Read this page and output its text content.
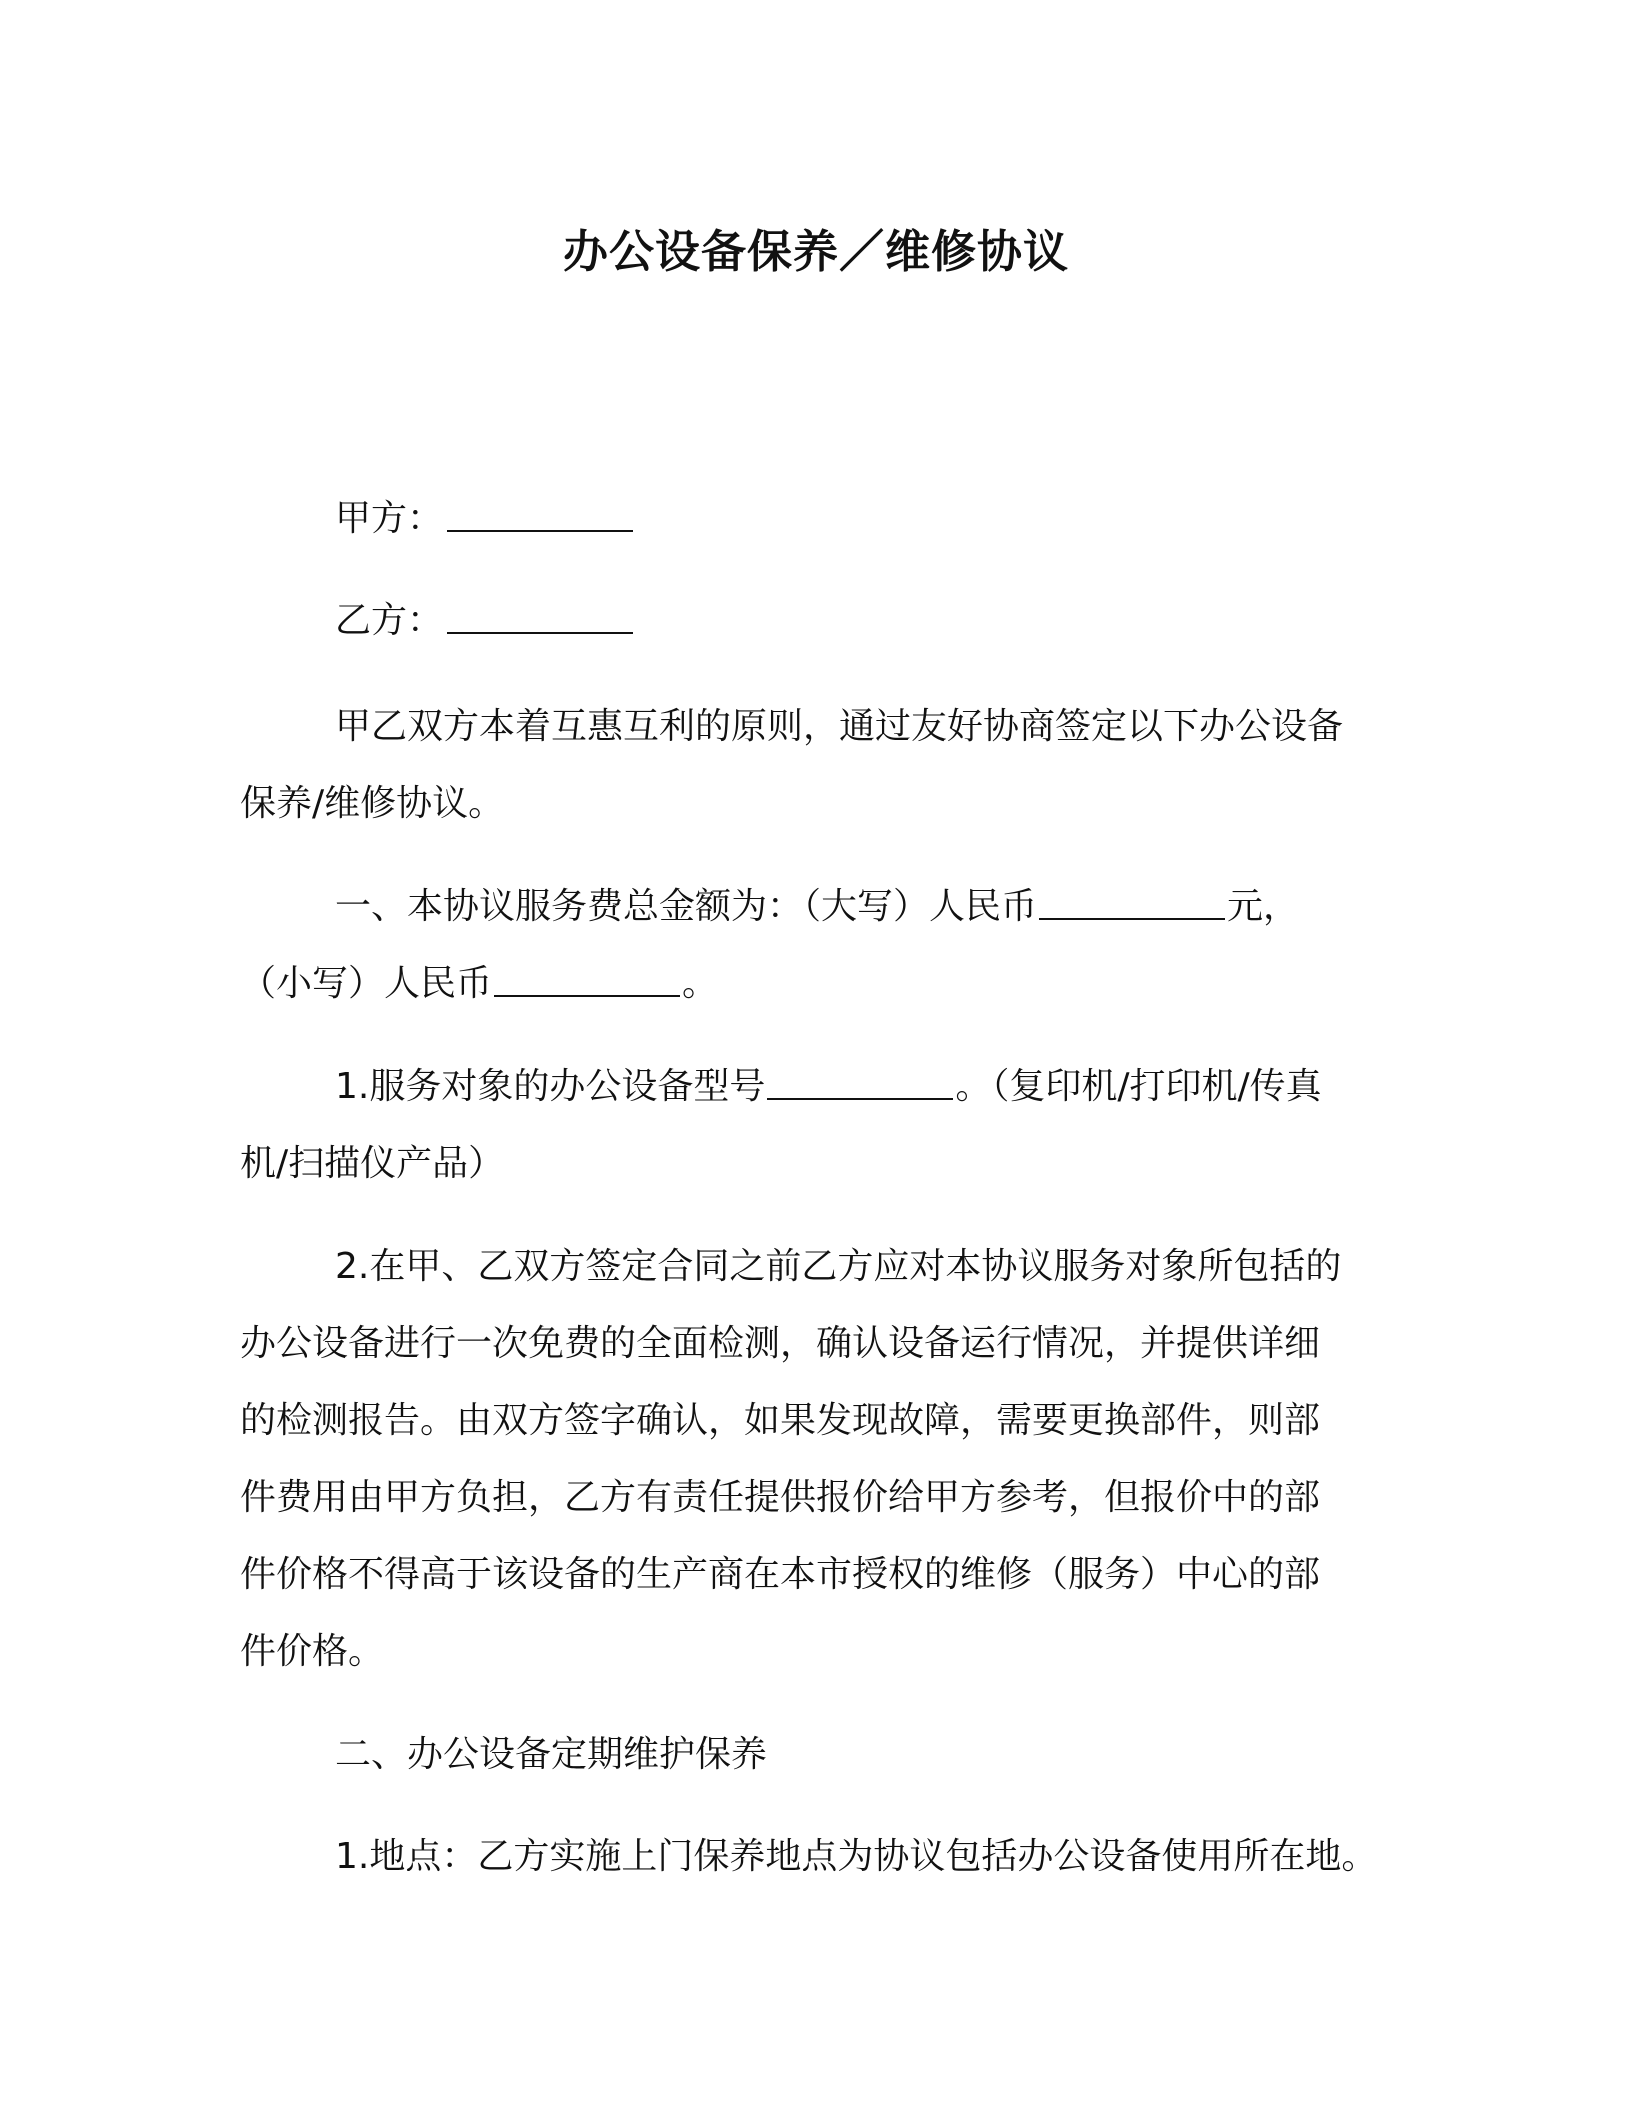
办公设备保养／维修协议
甲方：
乙方：
甲乙双方本着互惠互利的原则，通过友好协商签定以下办公设备
保养/维修协议。
一、本协议服务费总金额为：（大写）人民币	元，
（小写）人民币	。
1.服务对象的办公设备型号	。（复印机/打印机/传真
机/扫描仪产品）
2.在甲、乙双方签定合同之前乙方应对本协议服务对象所包括的
办公设备进行一次免费的全面检测，确认设备运行情况，并提供详细
的检测报告。由双方签字确认，如果发现故障，需要更换部件，则部
件费用由甲方负担，乙方有责任提供报价给甲方参考，但报价中的部
件价格不得高于该设备的生产商在本市授权的维修（服务）中心的部
件价格。
二、办公设备定期维护保养
1.地点：乙方实施上门保养地点为协议包括办公设备使用所在地。
